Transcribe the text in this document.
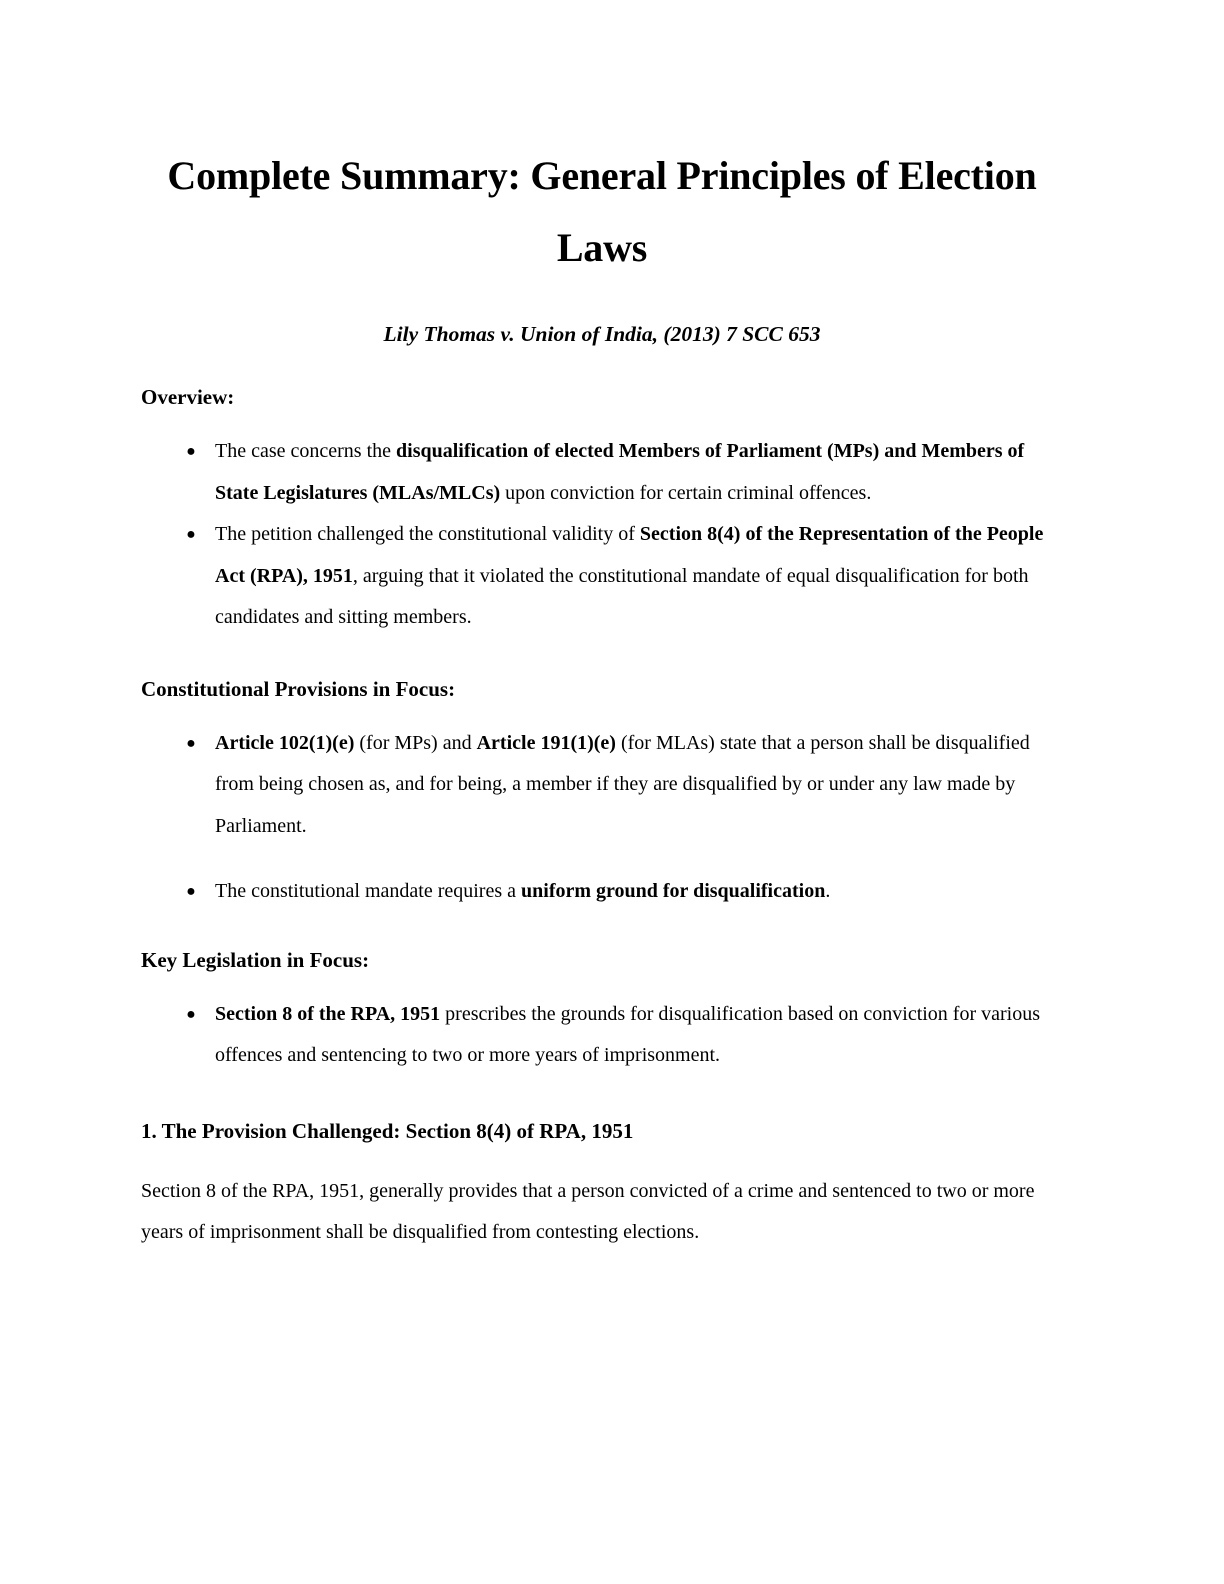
Complete Summary: General Principles of Election Laws
Lily Thomas v. Union of India, (2013) 7 SCC 653
Overview:
● The case concerns the disqualification of elected Members of Parliament (MPs) and Members of State Legislatures (MLAs/MLCs) upon conviction for certain criminal offences.
● The petition challenged the constitutional validity of Section 8(4) of the Representation of the People Act (RPA), 1951, arguing that it violated the constitutional mandate of equal disqualification for both candidates and sitting members.
Constitutional Provisions in Focus:
● Article 102(1)(e) (for MPs) and Article 191(1)(e) (for MLAs) state that a person shall be disqualified from being chosen as, and for being, a member if they are disqualified by or under any law made by Parliament.
● The constitutional mandate requires a uniform ground for disqualification.
Key Legislation in Focus:
● Section 8 of the RPA, 1951 prescribes the grounds for disqualification based on conviction for various offences and sentencing to two or more years of imprisonment.
1. The Provision Challenged: Section 8(4) of RPA, 1951

Section 8 of the RPA, 1951, generally provides that a person convicted of a crime and sentenced to two or more years of imprisonment shall be disqualified from contesting elections.
